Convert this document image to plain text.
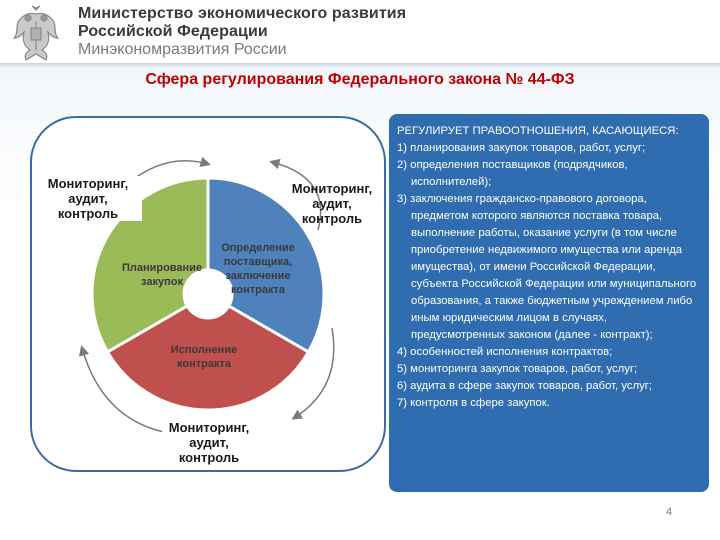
Министерство экономического развития
Российской Федерации
Минэкономразвития России
Сфера регулирования Федерального закона № 44-ФЗ
Планирование закупок
Определение поставщика, заключение контракта
Исполнение контракта
Мониторинг,
аудит,
контроль
Мониторинг,
аудит,
контроль
Мониторинг,
аудит,
контроль
РЕГУЛИРУЕТ ПРАВООТНОШЕНИЯ, КАСАЮЩИЕСЯ:
1) планирования закупок товаров, работ, услуг;
2) определения поставщиков (подрядчиков, исполнителей);
3) заключения гражданско-правового договора, предметом которого являются поставка товара, выполнение работы, оказание услуги (в том числе приобретение недвижимого имущества или аренда имущества), от имени Российской Федерации, субъекта Российской Федерации или муниципального образования, а также бюджетным учреждением либо иным юридическим лицом в случаях, предусмотренных законом (далее - контракт);
4) особенностей исполнения контрактов;
5) мониторинга закупок товаров, работ, услуг;
6) аудита в сфере закупок товаров, работ, услуг;
7) контроля в сфере закупок.
4
